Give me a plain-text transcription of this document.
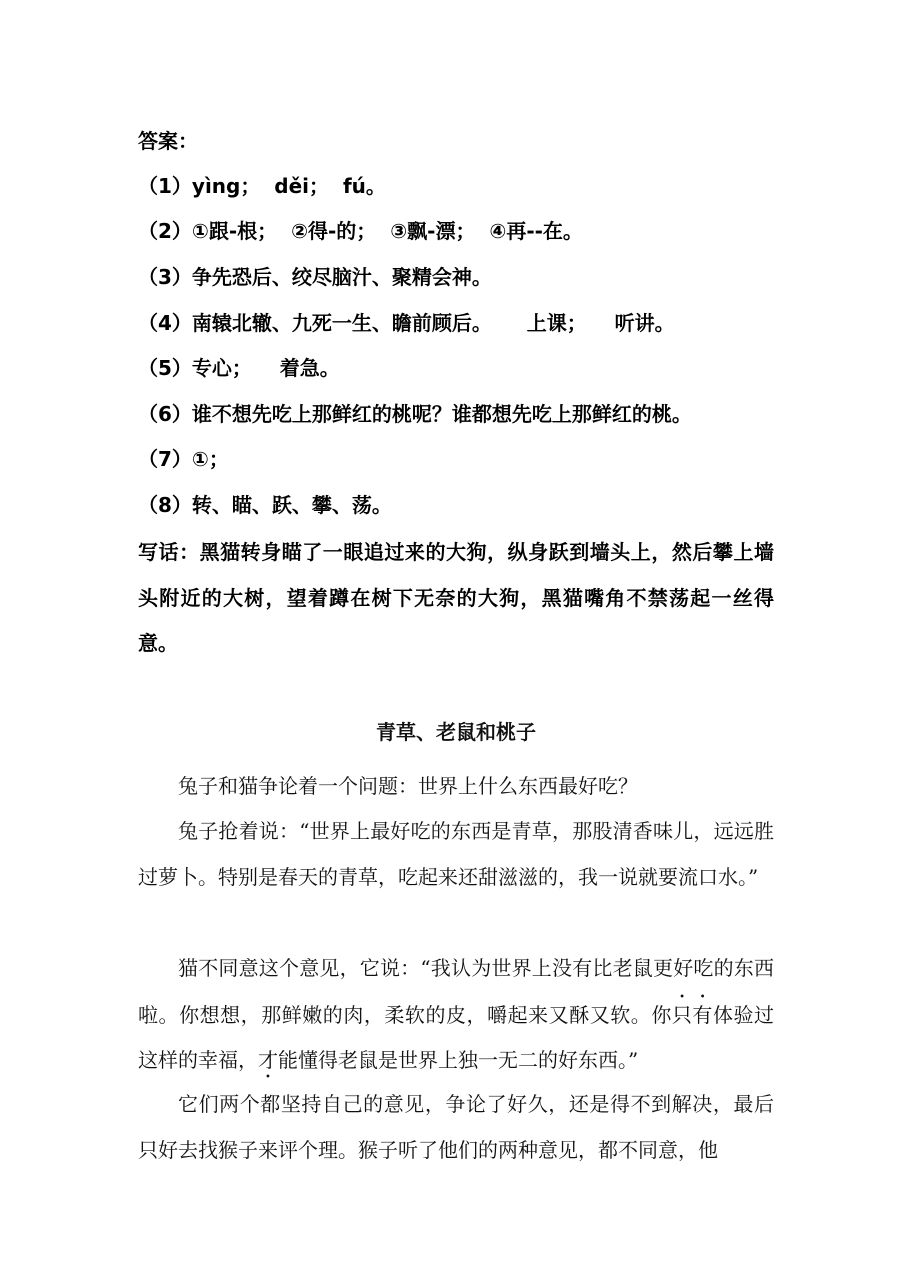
答案：
（1）yìng；  děi；  fú。
（2）①跟-根；  ②得-的；  ③飘-漂；  ④再--在。
（3）争先恐后、绞尽脑汁、聚精会神。
（4）南辕北辙、九死一生、瞻前顾后。     上课；    听讲。
（5）专心；    着急。
（6）谁不想先吃上那鲜红的桃呢？谁都想先吃上那鲜红的桃。
（7）①；
（8）转、瞄、跃、攀、荡。
写话：黑猫转身瞄了一眼追过来的大狗，纵身跃到墙头上，然后攀上墙头附近的大树，望着蹲在树下无奈的大狗，黑猫嘴角不禁荡起一丝得意。
青草、老鼠和桃子

兔子和猫争论着一个问题：世界上什么东西最好吃？

兔子抢着说：“世界上最好吃的东西是青草，那股清香味儿，远远胜过萝卜。特别是春天的青草，吃起来还甜滋滋的，我一说就要流口水。”

猫不同意这个意见，它说：“我认为世界上没有比老鼠更好吃的东西啦。你想想，那鲜嫩的肉，柔软的皮，嚼起来又酥又软。你只有体验过这样的幸福，才能懂得老鼠是世界上独一无二的好东西。”

它们两个都坚持自己的意见，争论了好久，还是得不到解决，最后只好去找猴子来评个理。猴子听了他们的两种意见，都不同意，他
